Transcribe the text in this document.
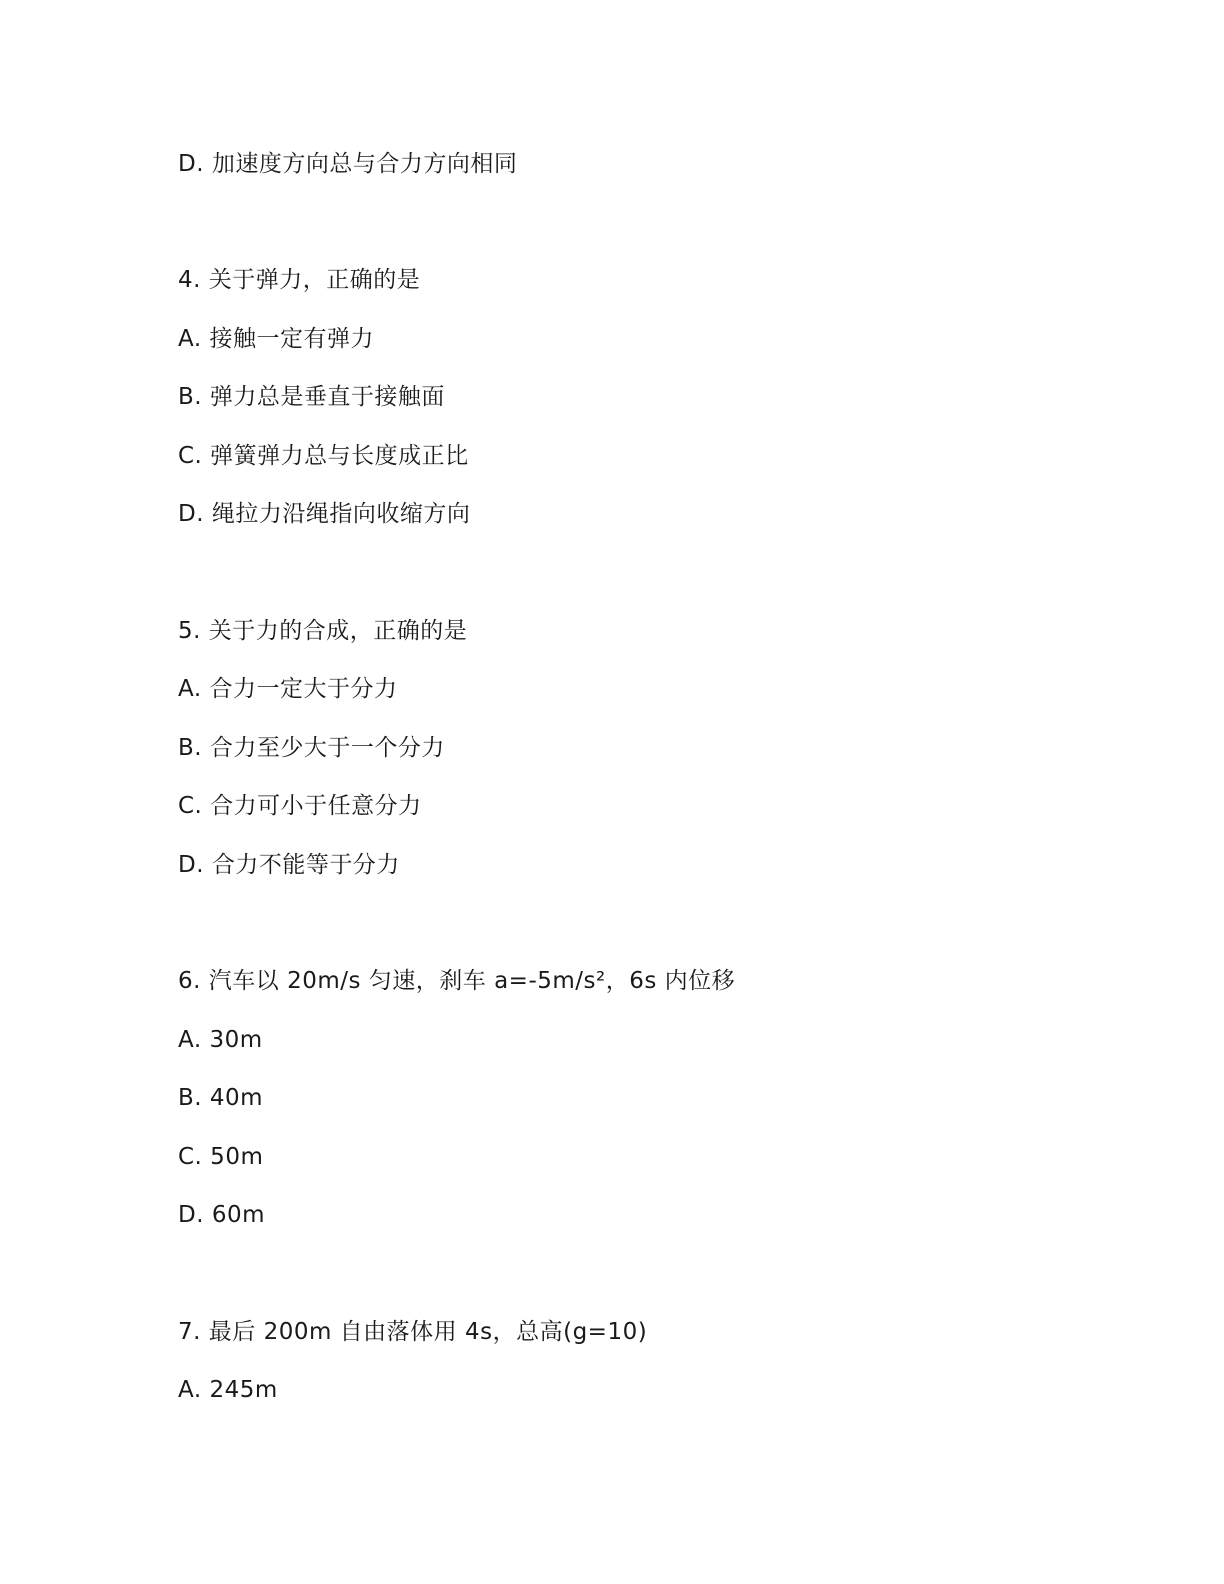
D. 加速度方向总与合力方向相同
4. 关于弹力，正确的是
A. 接触一定有弹力
B. 弹力总是垂直于接触面
C. 弹簧弹力总与长度成正比
D. 绳拉力沿绳指向收缩方向
5. 关于力的合成，正确的是
A. 合力一定大于分力
B. 合力至少大于一个分力
C. 合力可小于任意分力
D. 合力不能等于分力
6. 汽车以 20m/s 匀速，刹车 a=-5m/s²，6s 内位移
A. 30m
B. 40m
C. 50m
D. 60m
7. 最后 200m 自由落体用 4s，总高(g=10)
A. 245m
